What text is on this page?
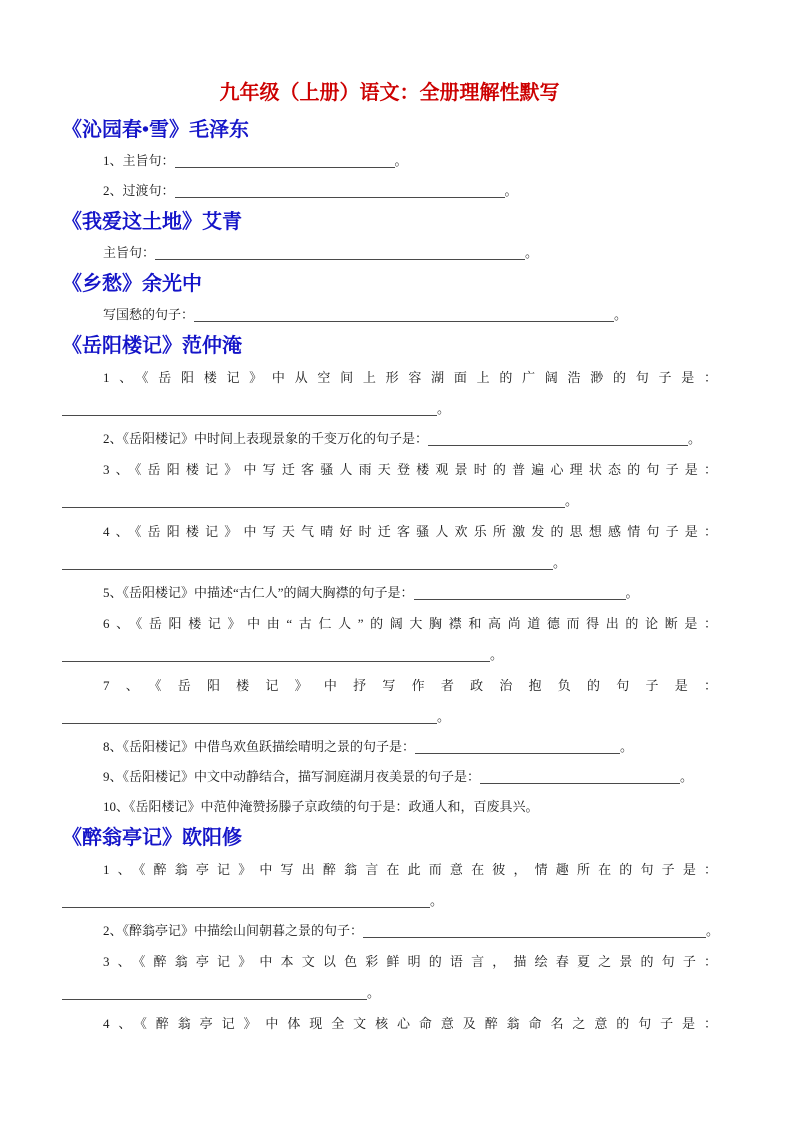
九年级（上册）语文：全册理解性默写
《沁园春•雪》毛泽东
1、主旨句：	。
2、过渡句：	。
《我爱这土地》艾青
主旨句：	。
《乡愁》余光中
写国愁的句子：	。
《岳阳楼记》范仲淹

1、《岳阳楼记》中从空间上形容湖面上的广阔浩渺的句子是：。

2、《岳阳楼记》中时间上表现景象的千变万化的句子是：	。

3、《岳阳楼记》中写迁客骚人雨天登楼观景时的普遍心理状态的句子是：。

4、《岳阳楼记》中写天气晴好时迁客骚人欢乐所激发的思想感情句子是：。

5、《岳阳楼记》中描述“古仁人”的阔大胸襟的句子是：	。

6、《岳阳楼记》中由“古仁人”的阔大胸襟和高尚道德而得出的论断是：。

7、《岳阳楼记》中抒写作者政治抱负的句子是：。

8、《岳阳楼记》中借鸟欢鱼跃描绘晴明之景的句子是：	。
9、《岳阳楼记》中文中动静结合，描写洞庭湖月夜美景的句子是：	。
10、《岳阳楼记》中范仲淹赞扬滕子京政绩的句于是：政通人和，百废具兴。
《醉翁亭记》欧阳修

1、《醉翁亭记》中写出醉翁言在此而意在彼，情趣所在的句子是：。

2、《醉翁亭记》中描绘山间朝暮之景的句子：	。

3、《醉翁亭记》中本文以色彩鲜明的语言，描绘春夏之景的句子：。

4、《醉翁亭记》中体现全文核心命意及醉翁命名之意的句子是：
